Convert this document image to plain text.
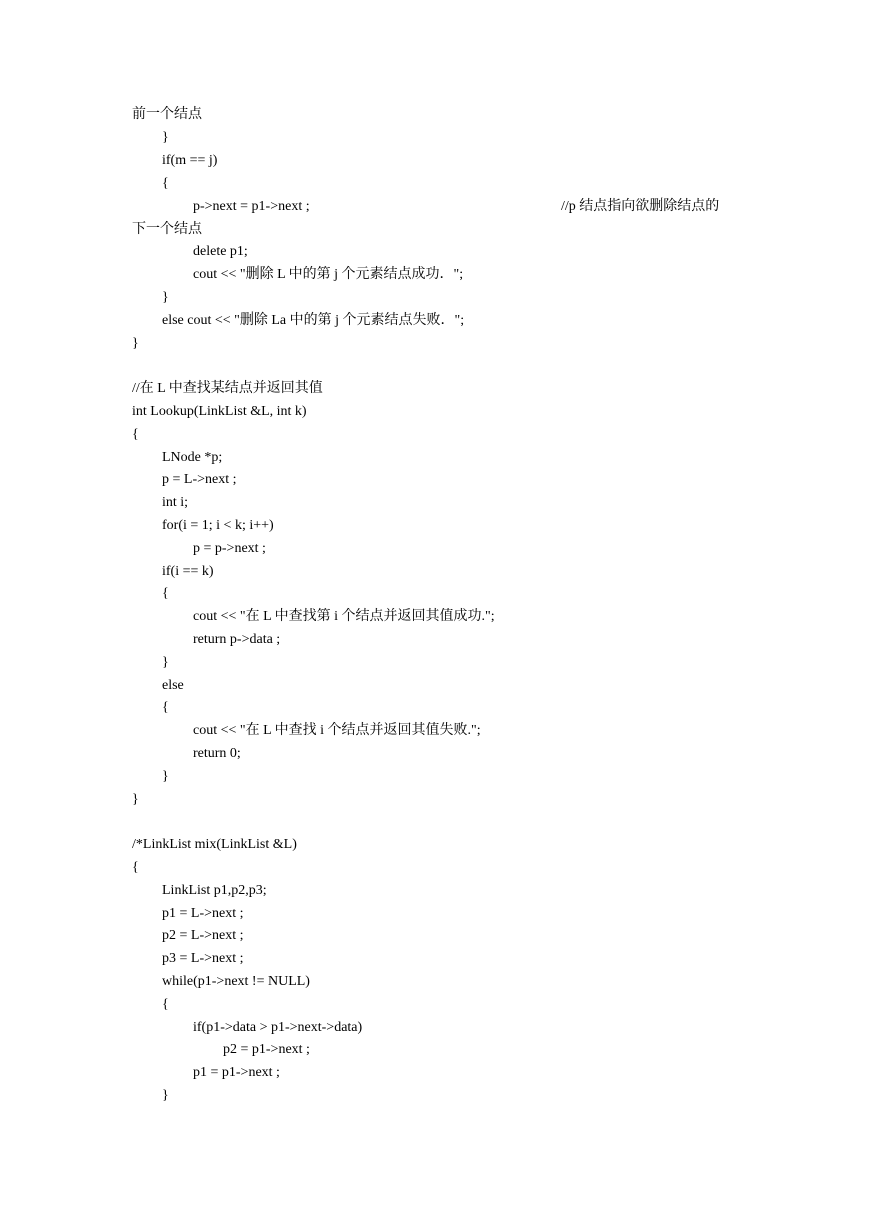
前一个结点

}

if(m == j)

{

p->next = p1->next ;	//p 结点指向欲删除结点的

下一个结点

delete p1;

cout << "删除 L 中的第 j 个元素结点成功．";

}

else cout << "删除 La 中的第 j 个元素结点失败．";

}

//在 L 中查找某结点并返回其值

int Lookup(LinkList &L, int k)

{

LNode *p;

p = L->next ;

int i;

for(i = 1; i < k; i++)

p = p->next ;

if(i == k)

{

cout << "在 L 中查找第 i 个结点并返回其值成功.";

return p->data ;

}

else

{

cout << "在 L 中查找 i 个结点并返回其值失败.";

return 0;

}

}

/*LinkList mix(LinkList &L)

{

LinkList p1,p2,p3;

p1 = L->next ;

p2 = L->next ;

p3 = L->next ;

while(p1->next != NULL)

{

if(p1->data > p1->next->data)

p2 = p1->next ;

p1 = p1->next ;

}
